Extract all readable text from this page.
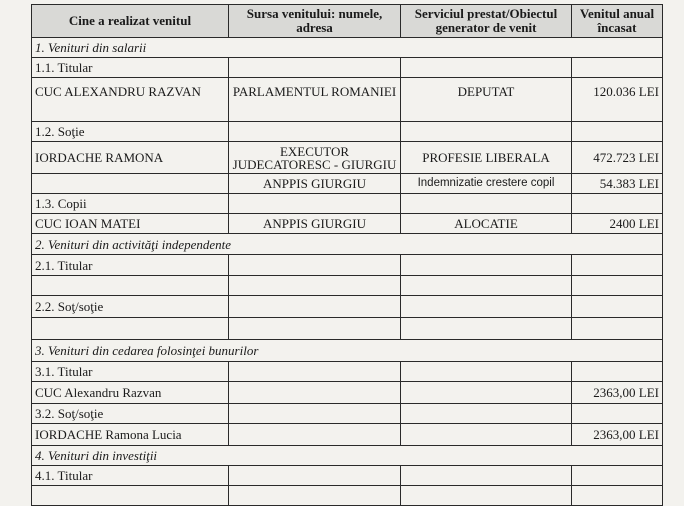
Cine a realizat venitul	Sursa venitului: numele, adresa	Serviciul prestat/Obiectul generator de venit	Venitul anual încasat
1. Venituri din salarii			
1.1. Titular			
CUC ALEXANDRU RAZVAN	PARLAMENTUL ROMANIEI	DEPUTAT	120.036 LEI
1.2. Soţie			
IORDACHE RAMONA	EXECUTOR JUDECATORESC - GIURGIU	PROFESIE LIBERALA	472.723 LEI
	ANPPIS GIURGIU	Indemnizatie crestere copil	54.383 LEI
1.3. Copii			
CUC IOAN MATEI	ANPPIS GIURGIU	ALOCATIE	2400 LEI
2. Venituri din activităţi independente			
2.1. Titular			

2.2. Soţ/soţie			

3. Venituri din cedarea folosinţei bunurilor			
3.1. Titular			
CUC Alexandru Razvan			2363,00 LEI
3.2. Soţ/soţie			
IORDACHE Ramona Lucia			2363,00 LEI
4. Venituri din investiţii			
4.1. Titular			
